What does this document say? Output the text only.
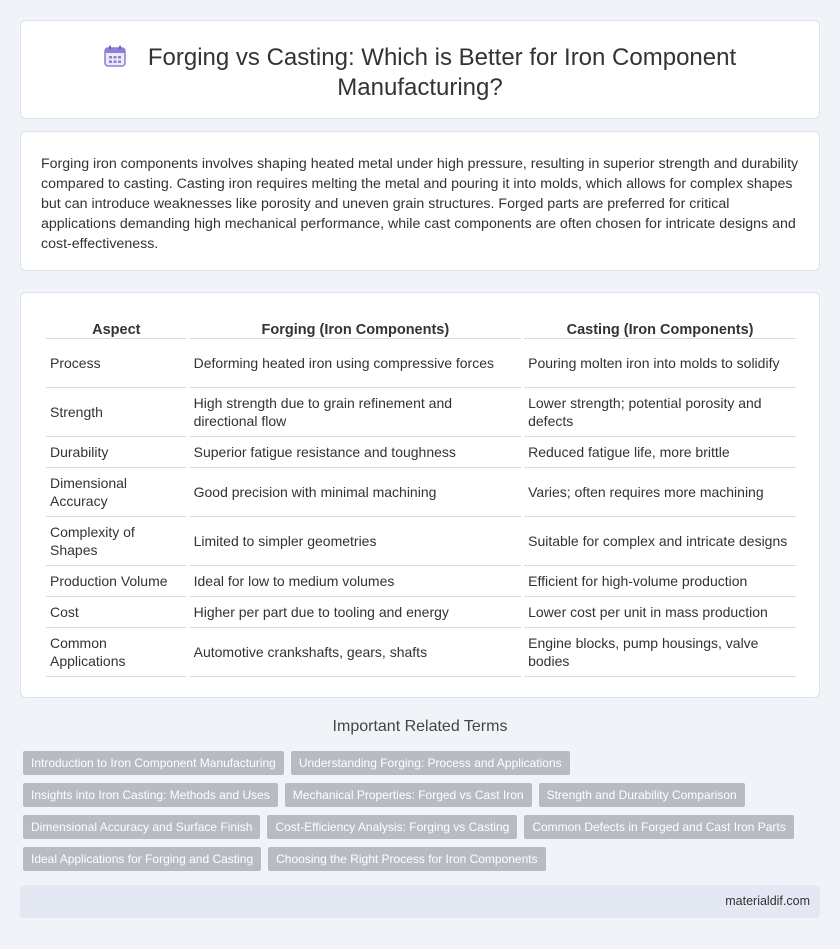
Forging vs Casting: Which is Better for Iron Component Manufacturing?

Forging iron components involves shaping heated metal under high pressure, resulting in superior strength and durability compared to casting. Casting iron requires melting the metal and pouring it into molds, which allows for complex shapes but can introduce weaknesses like porosity and uneven grain structures. Forged parts are preferred for critical applications demanding high mechanical performance, while cast components are often chosen for intricate designs and cost-effectiveness.

Aspect	Forging (Iron Components)	Casting (Iron Components)
Process	Deforming heated iron using compressive forces	Pouring molten iron into molds to solidify
Strength	High strength due to grain refinement and directional flow	Lower strength; potential porosity and defects
Durability	Superior fatigue resistance and toughness	Reduced fatigue life, more brittle
Dimensional Accuracy	Good precision with minimal machining	Varies; often requires more machining
Complexity of Shapes	Limited to simpler geometries	Suitable for complex and intricate designs
Production Volume	Ideal for low to medium volumes	Efficient for high-volume production
Cost	Higher per part due to tooling and energy	Lower cost per unit in mass production
Common Applications	Automotive crankshafts, gears, shafts	Engine blocks, pump housings, valve bodies
Important Related Terms
Introduction to Iron Component Manufacturing	Understanding Forging: Process and Applications
Insights into Iron Casting: Methods and Uses	Mechanical Properties: Forged vs Cast Iron	Strength and Durability Comparison
Dimensional Accuracy and Surface Finish	Cost-Efficiency Analysis: Forging vs Casting	Common Defects in Forged and Cast Iron Parts
Ideal Applications for Forging and Casting	Choosing the Right Process for Iron Components
materialdif.com
